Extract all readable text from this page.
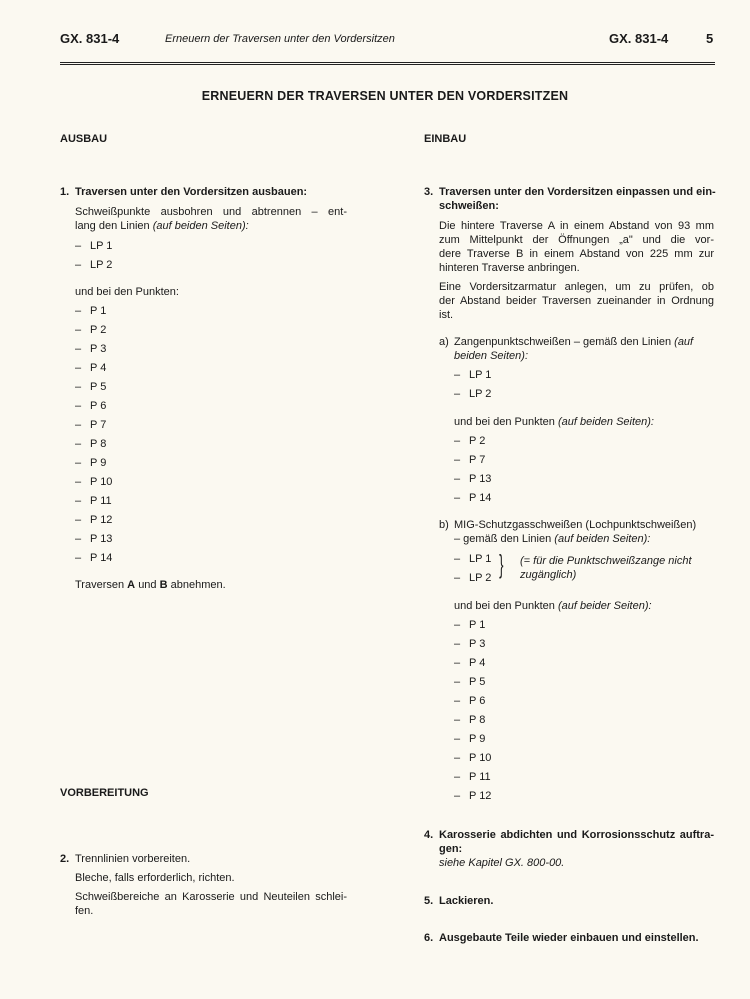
GX. 831-4	Erneuern der Traversen unter den Vordersitzen	GX. 831-4	5
ERNEUERN DER TRAVERSEN UNTER DEN VORDERSITZEN
AUSBAU
1. Traversen unter den Vordersitzen ausbauen:
Schweißpunkte ausbohren und abtrennen – ent-
lang den Linien (auf beiden Seiten):
– LP 1
– LP 2
und bei den Punkten:
– P 1
– P 2
– P 3
– P 4
– P 5
– P 6
– P 7
– P 8
– P 9
– P 10
– P 11
– P 12
– P 13
– P 14
Traversen A und B abnehmen.
VORBEREITUNG
2. Trennlinien vorbereiten.
Bleche, falls erforderlich, richten.
Schweißbereiche an Karosserie und Neuteilen schlei-
fen.
EINBAU
3. Traversen unter den Vordersitzen einpassen und ein-
schweißen:
Die hintere Traverse A in einem Abstand von 93 mm
zum Mittelpunkt der Öffnungen „a" und die vor-
dere Traverse B in einem Abstand von 225 mm zur
hinteren Traverse anbringen.
Eine Vordersitzarmatur anlegen, um zu prüfen, ob
der Abstand beider Traversen zueinander in Ordnung
ist.
a) Zangenpunktschweißen – gemäß den Linien (auf
beiden Seiten):
– LP 1
– LP 2
und bei den Punkten (auf beiden Seiten):
– P 2
– P 7
– P 13
– P 14
b) MIG-Schutzgasschweißen (Lochpunktschweißen)
– gemäß den Linien (auf beiden Seiten):
– LP 1
– LP 2 } (= für die Punktschweißzange nicht
zugänglich)
und bei den Punkten (auf beider Seiten):
– P 1
– P 3
– P 4
– P 5
– P 6
– P 8
– P 9
– P 10
– P 11
– P 12
4. Karosserie abdichten und Korrosionsschutz auftra-
gen:
siehe Kapitel GX. 800-00.
5. Lackieren.
6. Ausgebaute Teile wieder einbauen und einstellen.
